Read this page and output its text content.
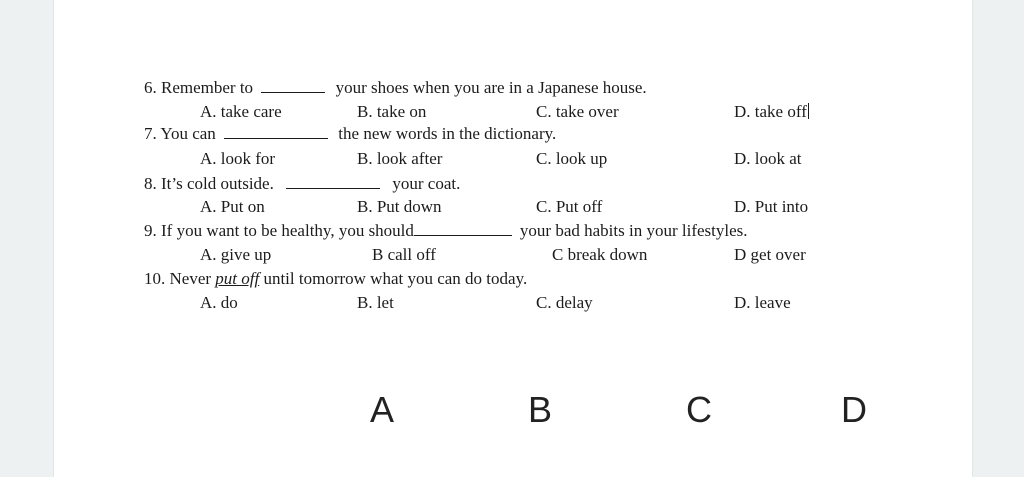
6. Remember to	your shoes when you are in a Japanese house.
A. take care	B. take on	C. take over	D. take off
7. You can	the new words in the dictionary.
A. look for	B. look after	C. look up	D. look at
8. It’s cold outside.	your coat.
A. Put on	B. Put down	C. Put off	D. Put into
9. If you want to be healthy, you should	your bad habits in your lifestyles.
A. give up	B call off	C break down	D get over
10. Never put off until tomorrow what you can do today.
A. do	B. let	C. delay	D. leave
A	B	C	D
